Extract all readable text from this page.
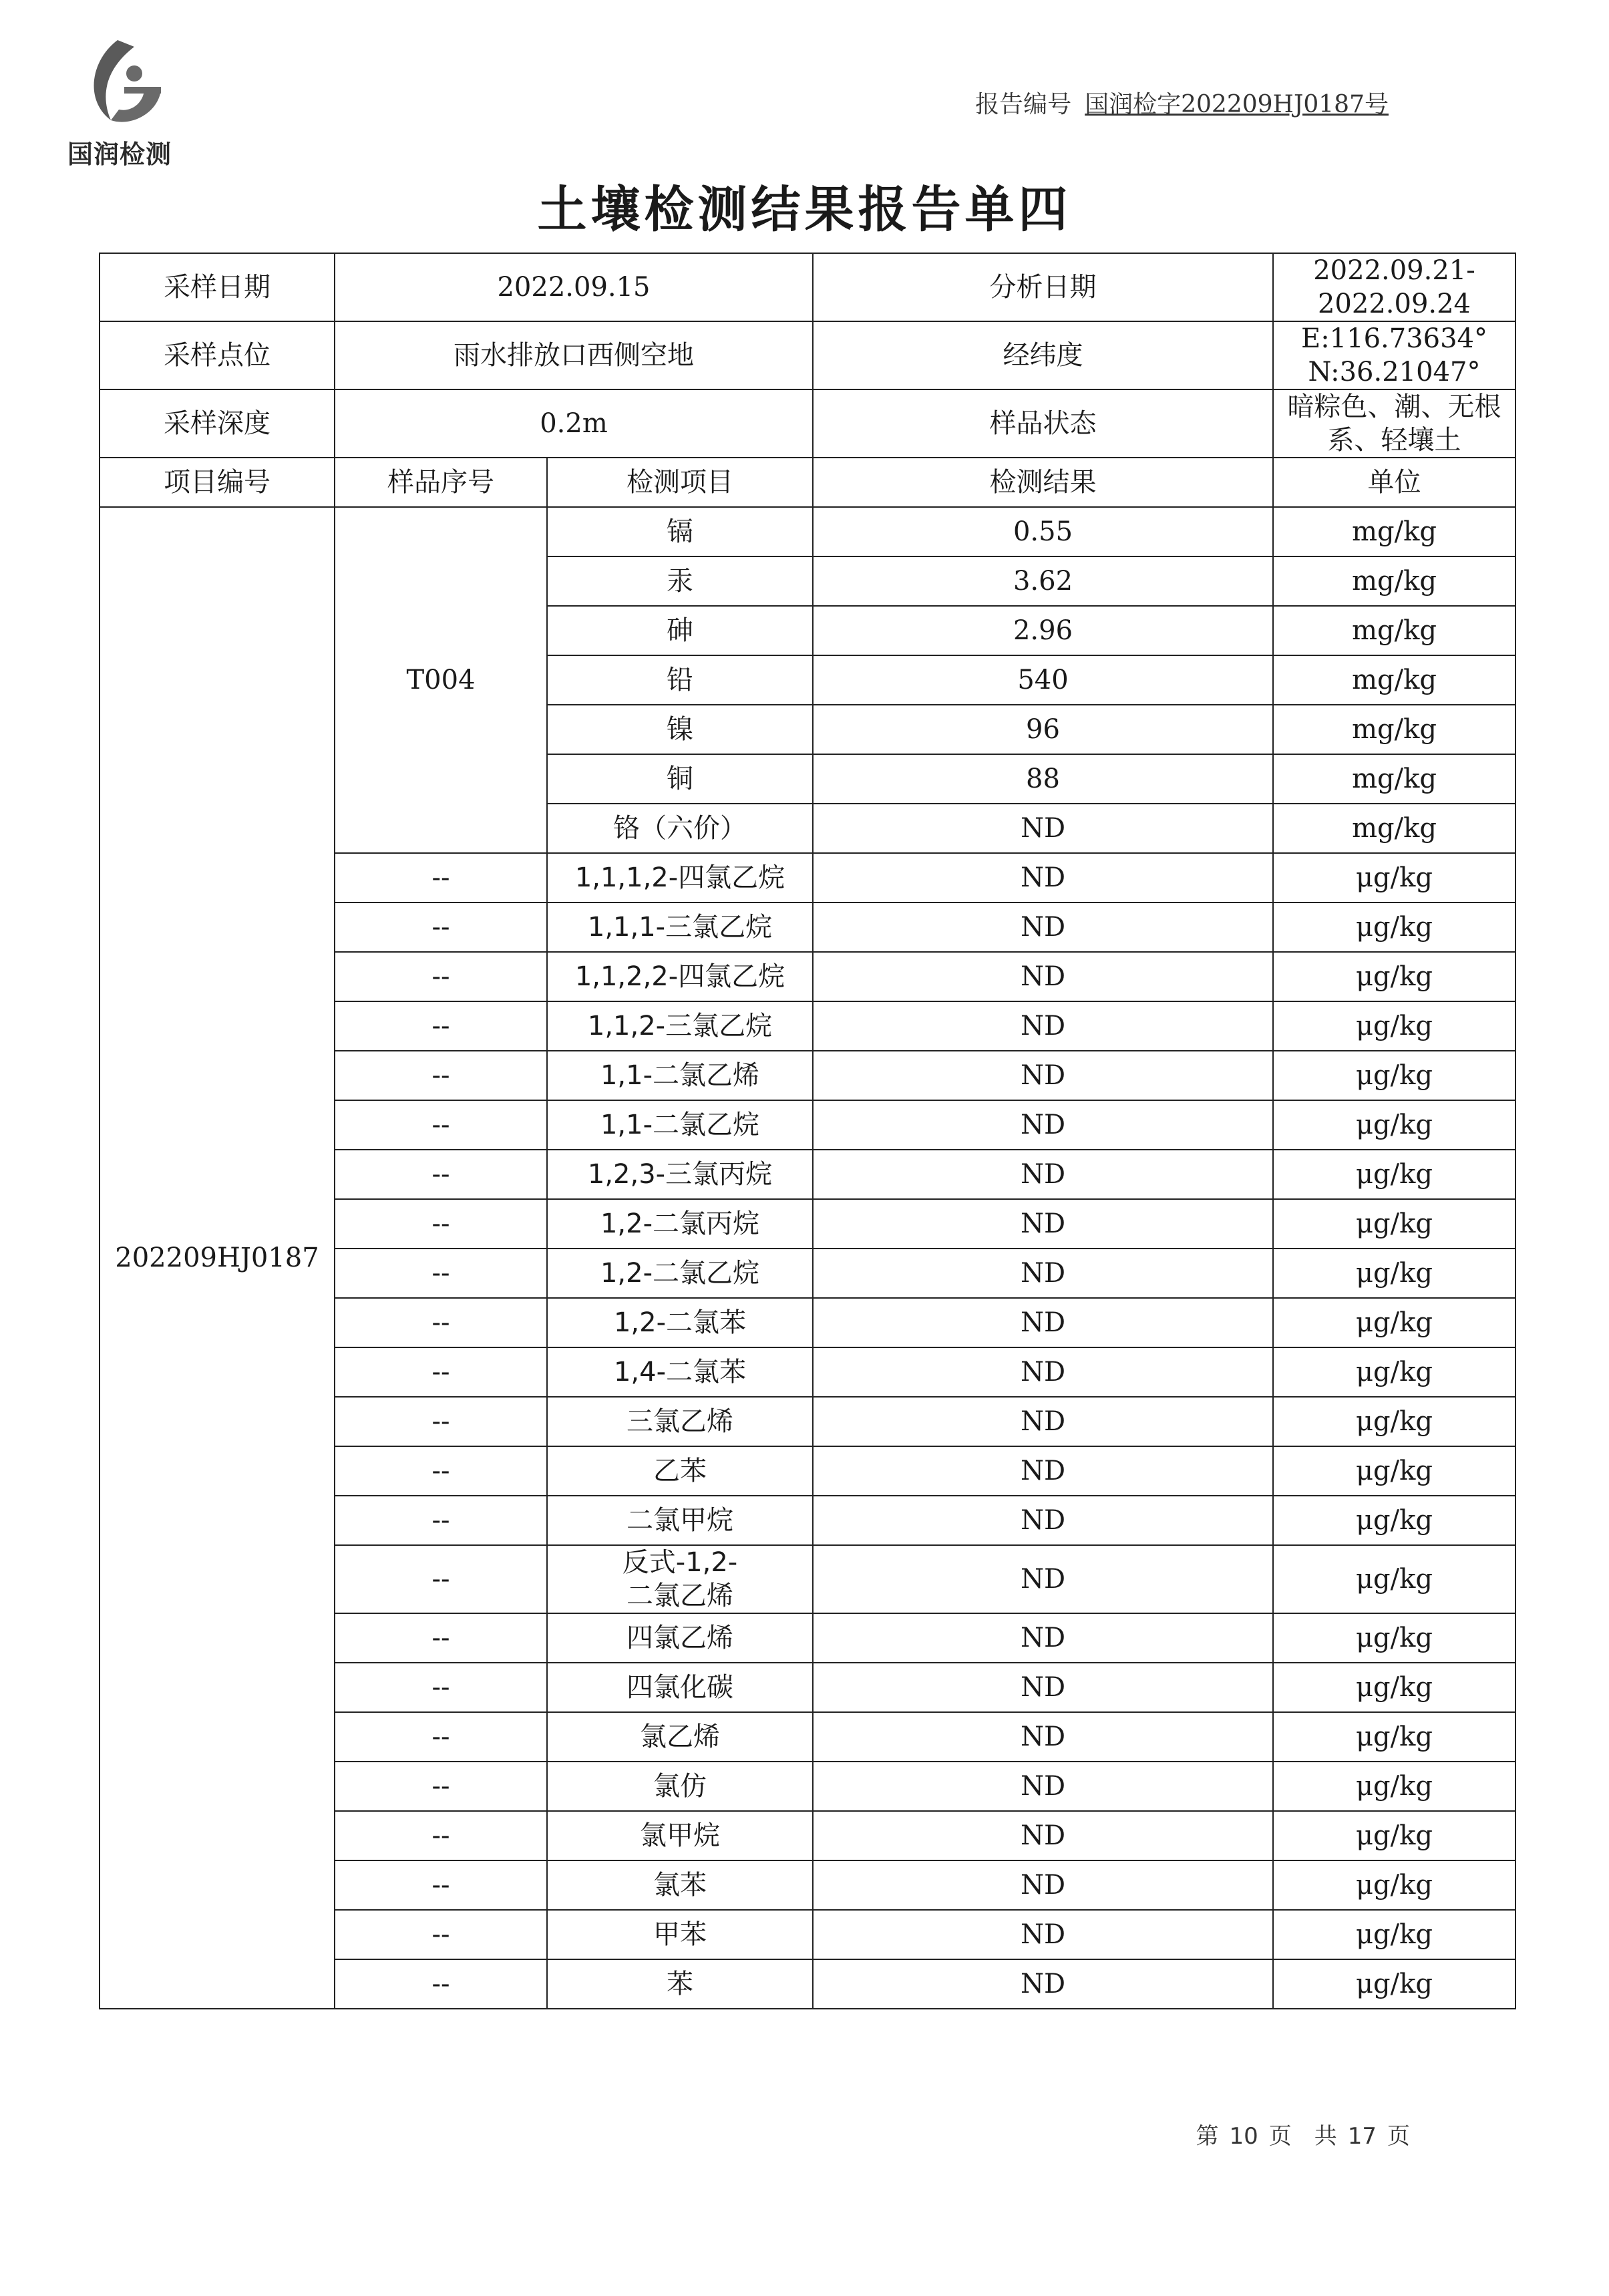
国润检测
报告编号 国润检字202209HJ0187号
土壤检测结果报告单四
采样日期	2022.09.15		分析日期	2022.09.21-2022.09.24
采样点位	雨水排放口西侧空地		经纬度	E:116.73634°　N:36.21047°
采样深度	0.2m		样品状态	暗粽色、潮、无根系、轻壤土
项目编号	样品序号	检测项目	检测结果	单位
202209HJ0187	T004	镉	0.55	mg/kg
		汞	3.62	mg/kg
		砷	2.96	mg/kg
		铅	540	mg/kg
		镍	96	mg/kg
		铜	88	mg/kg
		铬（六价）	ND	mg/kg
	--	1,1,1,2-四氯乙烷	ND	μg/kg
	--	1,1,1-三氯乙烷	ND	μg/kg
	--	1,1,2,2-四氯乙烷	ND	μg/kg
	--	1,1,2-三氯乙烷	ND	μg/kg
	--	1,1-二氯乙烯	ND	μg/kg
	--	1,1-二氯乙烷	ND	μg/kg
	--	1,2,3-三氯丙烷	ND	μg/kg
	--	1,2-二氯丙烷	ND	μg/kg
	--	1,2-二氯乙烷	ND	μg/kg
	--	1,2-二氯苯	ND	μg/kg
	--	1,4-二氯苯	ND	μg/kg
	--	三氯乙烯	ND	μg/kg
	--	乙苯	ND	μg/kg
	--	二氯甲烷	ND	μg/kg
	--	反式-1,2-
二氯乙烯	ND	μg/kg
	--	四氯乙烯	ND	μg/kg
	--	四氯化碳	ND	μg/kg
	--	氯乙烯	ND	μg/kg
	--	氯仿	ND	μg/kg
	--	氯甲烷	ND	μg/kg
	--	氯苯	ND	μg/kg
	--	甲苯	ND	μg/kg
	--	苯	ND	μg/kg
第 10 页　共 17 页
